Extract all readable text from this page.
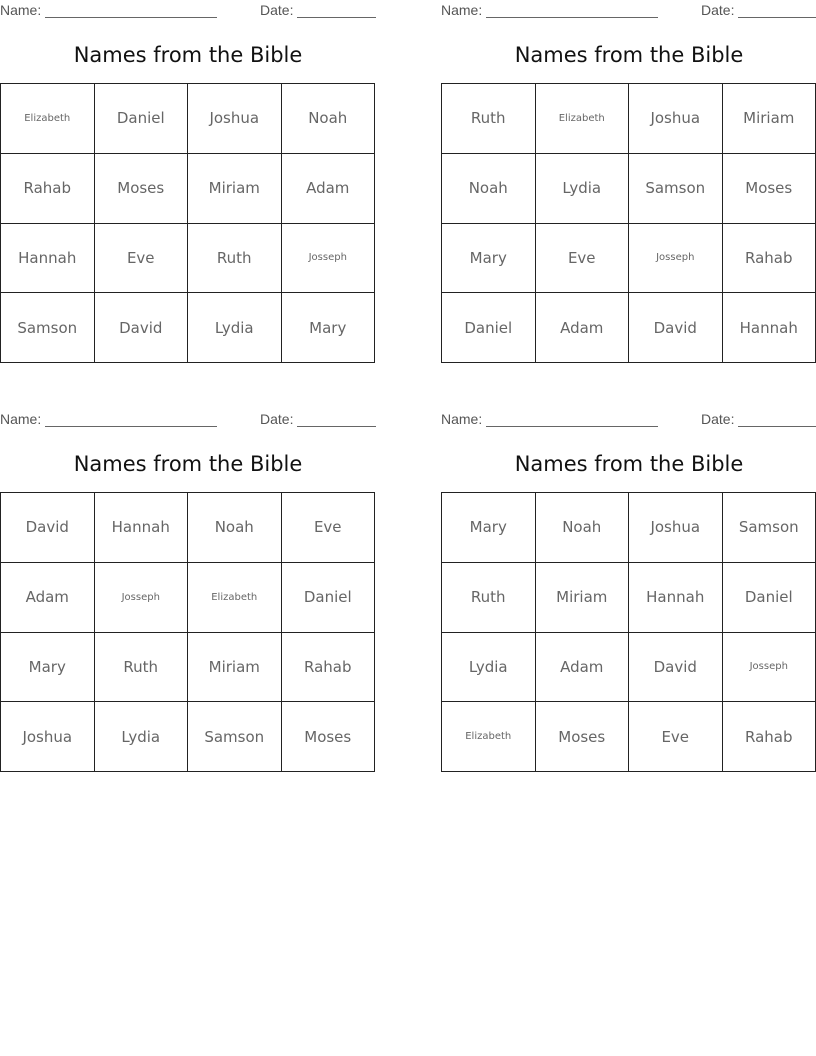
Name:	Date:
Names from the Bible
Elizabeth	Daniel	Joshua	Noah
Rahab	Moses	Miriam	Adam
Hannah	Eve	Ruth	Josseph
Samson	David	Lydia	Mary
Name:	Date:
Names from the Bible
Ruth	Elizabeth	Joshua	Miriam
Noah	Lydia	Samson	Moses
Mary	Eve	Josseph	Rahab
Daniel	Adam	David	Hannah
Name:	Date:
Names from the Bible
David	Hannah	Noah	Eve
Adam	Josseph	Elizabeth	Daniel
Mary	Ruth	Miriam	Rahab
Joshua	Lydia	Samson	Moses
Name:	Date:
Names from the Bible
Mary	Noah	Joshua	Samson
Ruth	Miriam	Hannah	Daniel
Lydia	Adam	David	Josseph
Elizabeth	Moses	Eve	Rahab
